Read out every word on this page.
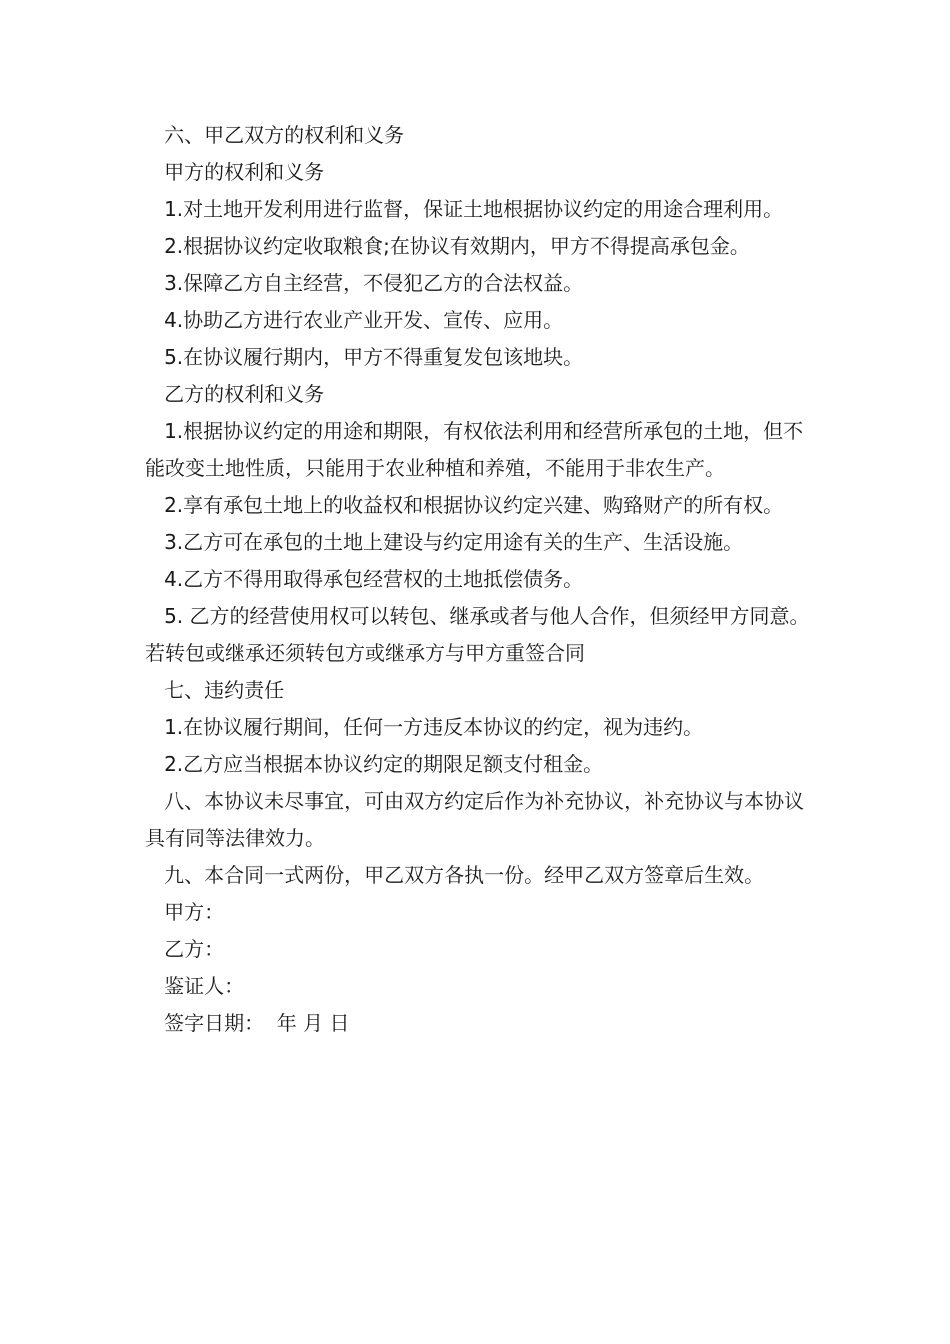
六、甲乙双方的权利和义务

甲方的权利和义务

1.对土地开发利用进行监督，保证土地根据协议约定的用途合理利用。

2.根据协议约定收取粮食;在协议有效期内，甲方不得提高承包金。

3.保障乙方自主经营，不侵犯乙方的合法权益。

4.协助乙方进行农业产业开发、宣传、应用。

5.在协议履行期内，甲方不得重复发包该地块。

乙方的权利和义务

1.根据协议约定的用途和期限，有权依法利用和经营所承包的土地，但不能改变土地性质，只能用于农业种植和养殖，不能用于非农生产。

2.享有承包土地上的收益权和根据协议约定兴建、购臵财产的所有权。

3.乙方可在承包的土地上建设与约定用途有关的生产、生活设施。

4.乙方不得用取得承包经营权的土地抵偿债务。

5. 乙方的经营使用权可以转包、继承或者与他人合作，但须经甲方同意。若转包或继承还须转包方或继承方与甲方重签合同

七、违约责任

1.在协议履行期间，任何一方违反本协议的约定，视为违约。

2.乙方应当根据本协议约定的期限足额支付租金。

八、本协议未尽事宜，可由双方约定后作为补充协议，补充协议与本协议具有同等法律效力。

九、本合同一式两份，甲乙双方各执一份。经甲乙双方签章后生效。

甲方：

乙方：

鉴证人：

签字日期：  年 月 日
